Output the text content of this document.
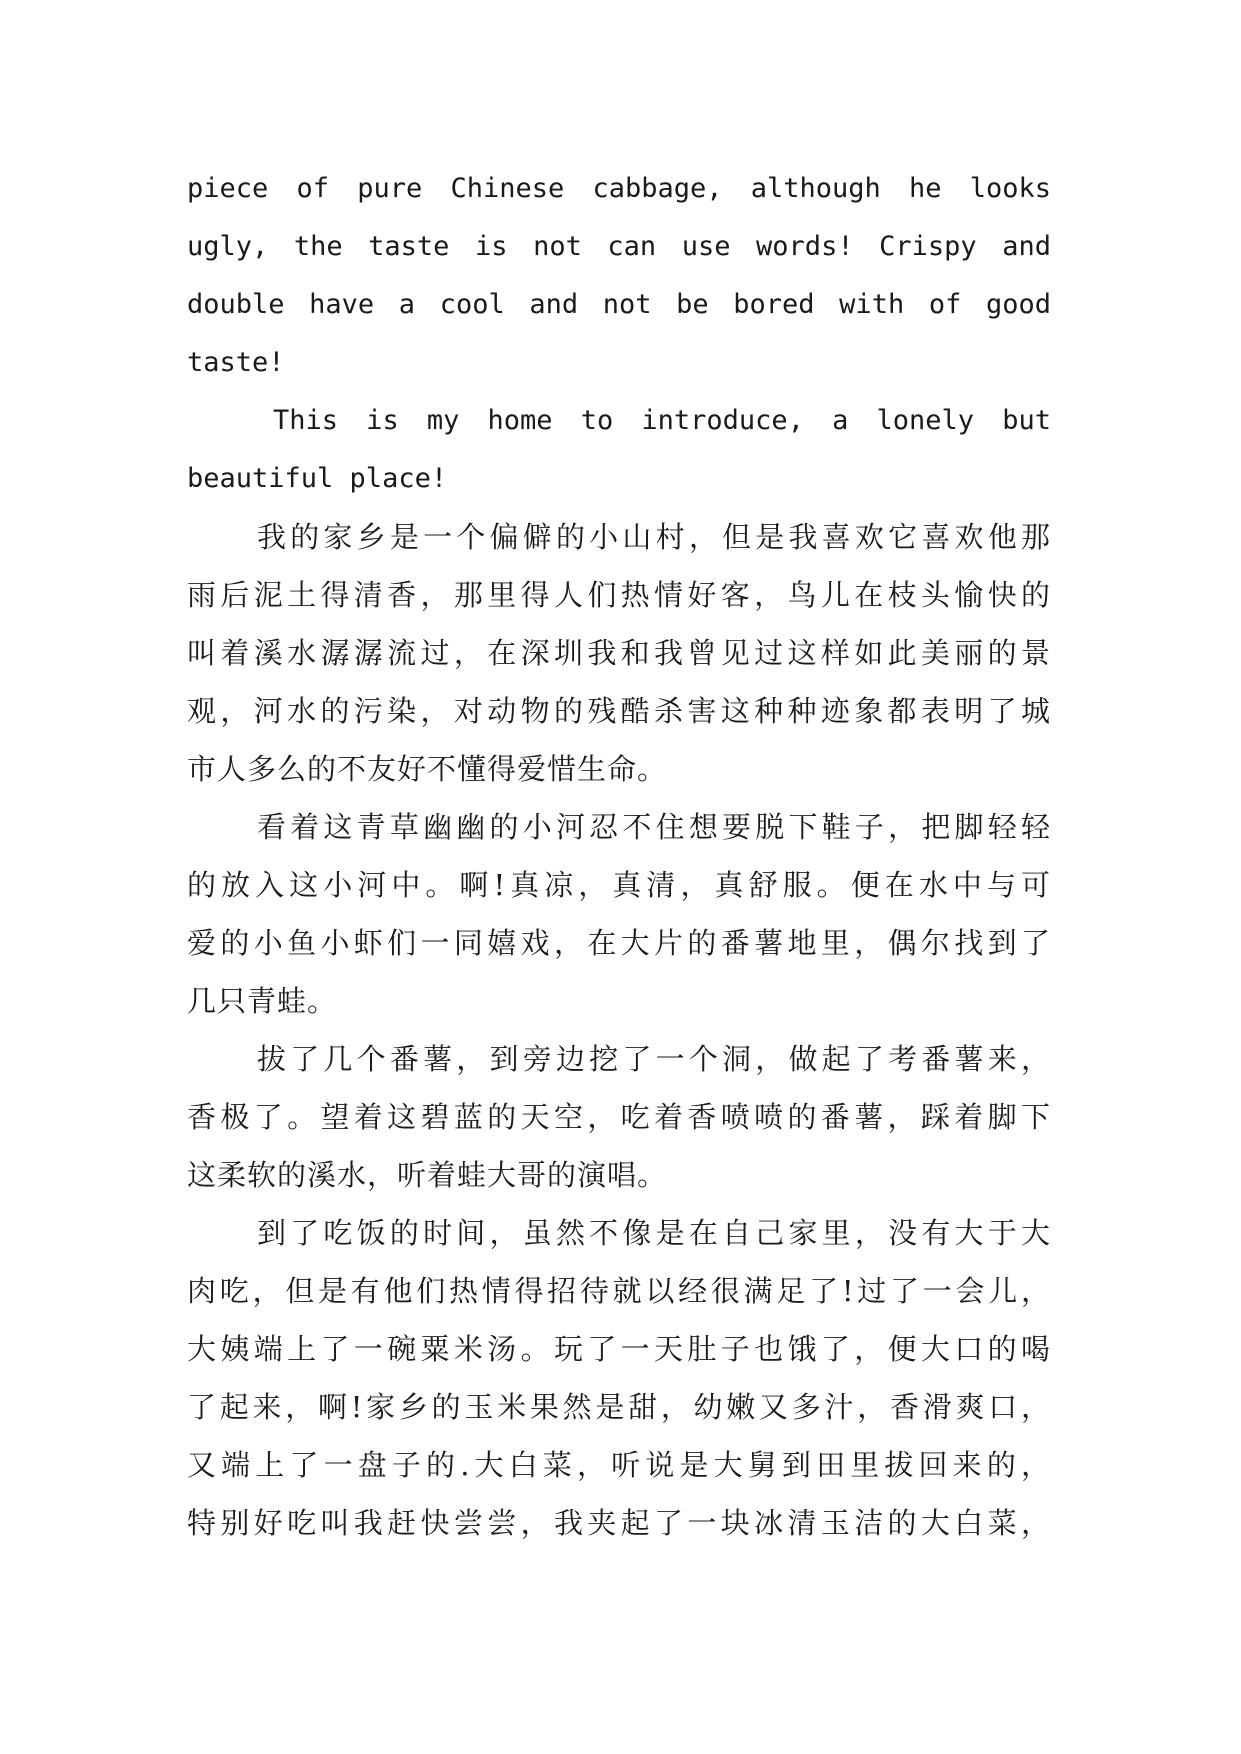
piece of pure Chinese cabbage, although he looks
ugly, the taste is not can use words! Crispy and
double have a cool and not be bored with of good
taste!
This is my home to introduce, a lonely but
beautiful place!
我的家乡是一个偏僻的小山村，但是我喜欢它喜欢他那
雨后泥土得清香，那里得人们热情好客，鸟儿在枝头愉快的
叫着溪水潺潺流过，在深圳我和我曾见过这样如此美丽的景
观，河水的污染，对动物的残酷杀害这种种迹象都表明了城
市人多么的不友好不懂得爱惜生命。
看着这青草幽幽的小河忍不住想要脱下鞋子，把脚轻轻
的放入这小河中。啊!真凉，真清，真舒服。便在水中与可
爱的小鱼小虾们一同嬉戏，在大片的番薯地里，偶尔找到了
几只青蛙。
拔了几个番薯，到旁边挖了一个洞，做起了考番薯来，
香极了。望着这碧蓝的天空，吃着香喷喷的番薯，踩着脚下
这柔软的溪水，听着蛙大哥的演唱。
到了吃饭的时间，虽然不像是在自己家里，没有大于大
肉吃，但是有他们热情得招待就以经很满足了!过了一会儿，
大姨端上了一碗粟米汤。玩了一天肚子也饿了，便大口的喝
了起来，啊!家乡的玉米果然是甜，幼嫩又多汁，香滑爽口，
又端上了一盘子的.大白菜，听说是大舅到田里拔回来的，
特别好吃叫我赶快尝尝，我夹起了一块冰清玉洁的大白菜，
